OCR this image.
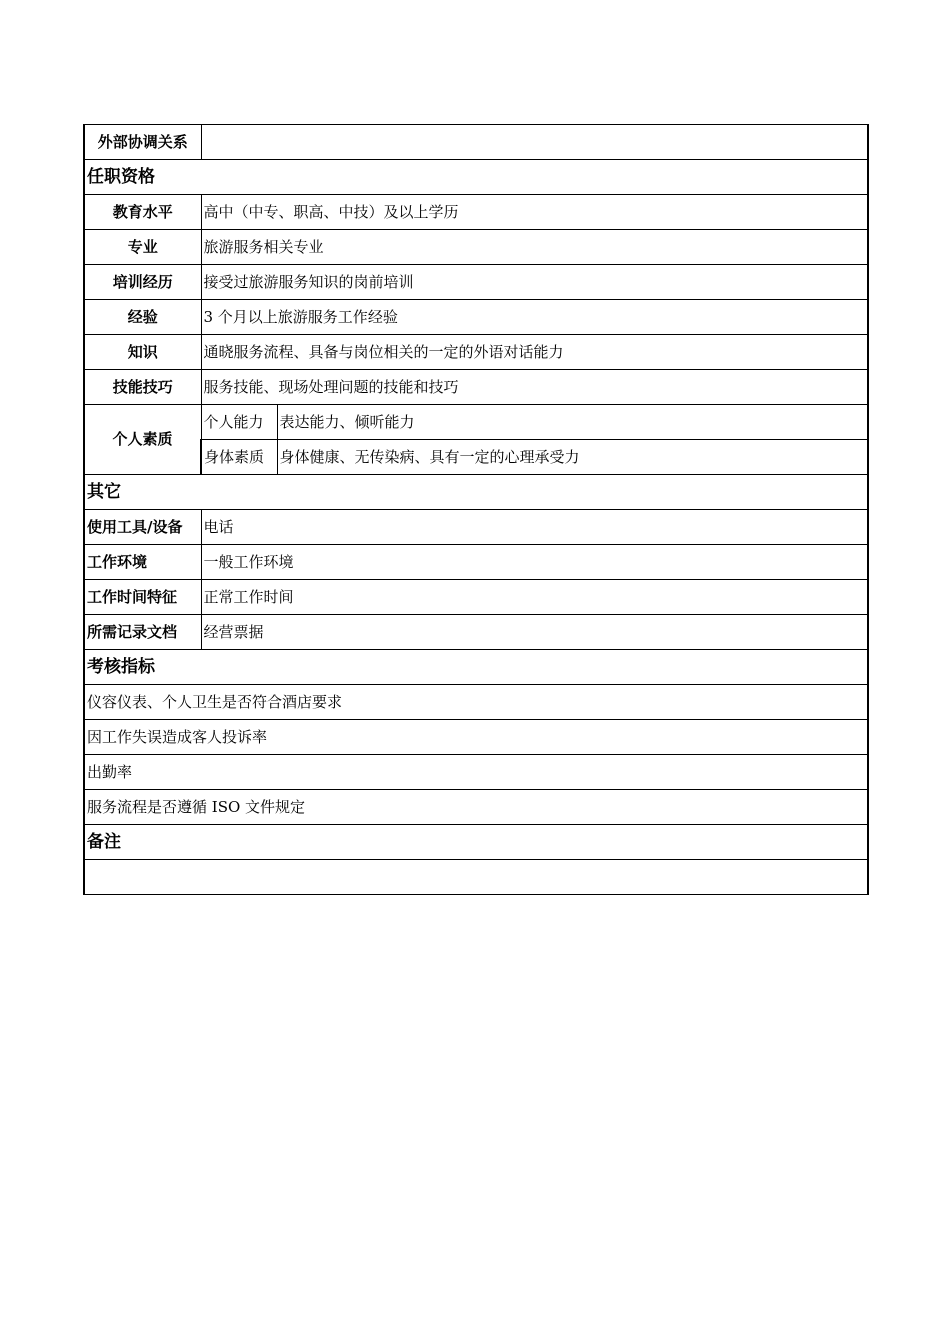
外部协调关系		
任职资格		
教育水平	高中（中专、职高、中技）及以上学历	
专业	旅游服务相关专业	
培训经历	接受过旅游服务知识的岗前培训	
经验	3 个月以上旅游服务工作经验	
知识	通晓服务流程、具备与岗位相关的一定的外语对话能力	
技能技巧	服务技能、现场处理问题的技能和技巧	
个人素质	个人能力	表达能力、倾听能力
	身体素质	身体健康、无传染病、具有一定的心理承受力
其它		
使用工具/设备	电话	
工作环境	一般工作环境	
工作时间特征	正常工作时间	
所需记录文档	经营票据	
考核指标		
仪容仪表、个人卫生是否符合酒店要求		
因工作失误造成客人投诉率		
出勤率		
服务流程是否遵循 ISO 文件规定		
备注		
